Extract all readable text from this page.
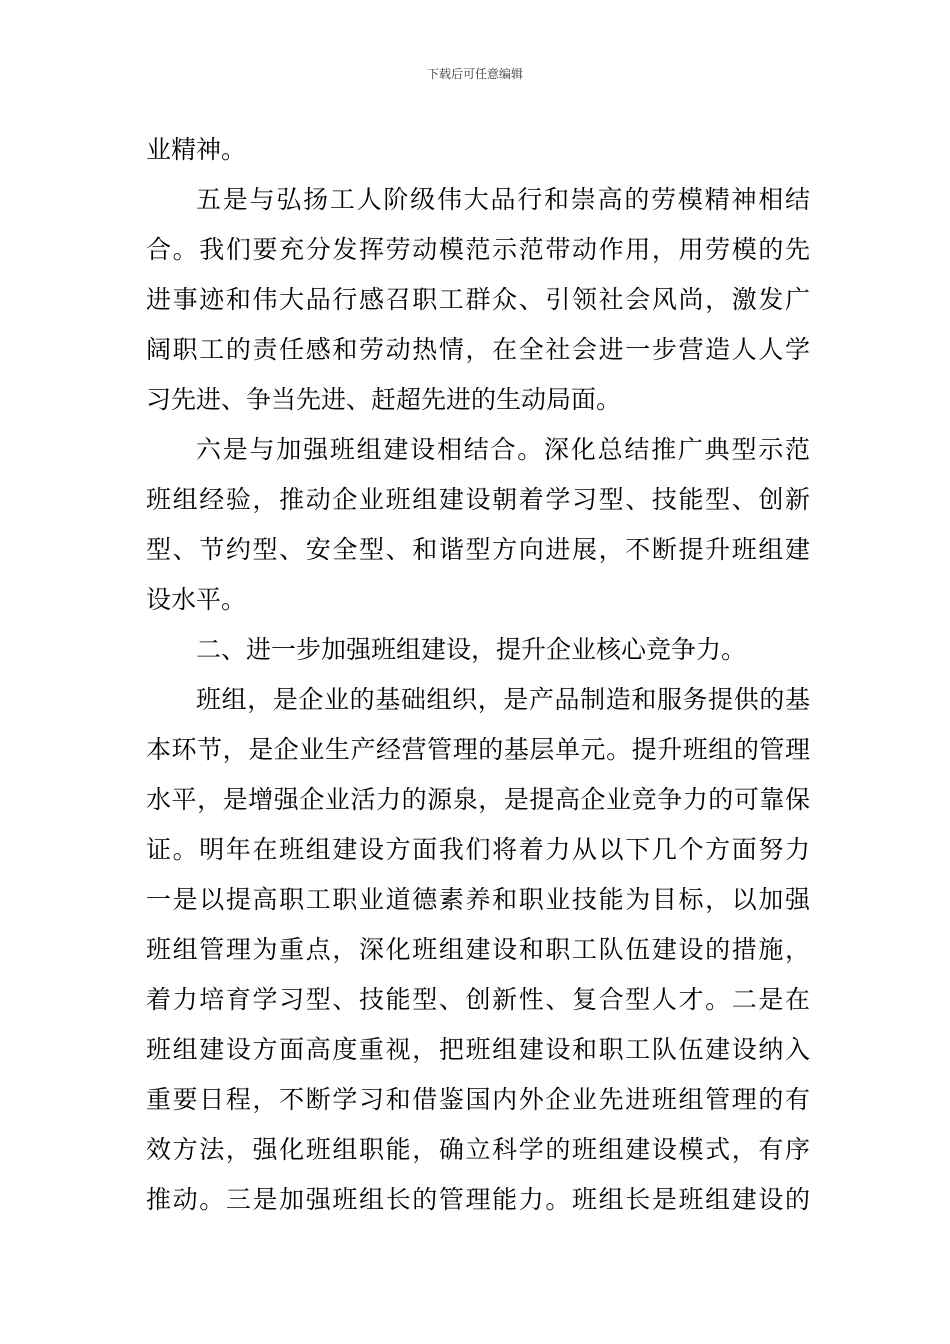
下载后可任意编辑
业精神。
五是与弘扬工人阶级伟大品行和崇高的劳模精神相结
合。我们要充分发挥劳动模范示范带动作用，用劳模的先
进事迹和伟大品行感召职工群众、引领社会风尚，激发广
阔职工的责任感和劳动热情，在全社会进一步营造人人学
习先进、争当先进、赶超先进的生动局面。
六是与加强班组建设相结合。深化总结推广典型示范
班组经验，推动企业班组建设朝着学习型、技能型、创新
型、节约型、安全型、和谐型方向进展，不断提升班组建
设水平。
二、进一步加强班组建设，提升企业核心竞争力。
班组，是企业的基础组织，是产品制造和服务提供的基
本环节，是企业生产经营管理的基层单元。提升班组的管理
水平，是增强企业活力的源泉，是提高企业竞争力的可靠保
证。明年在班组建设方面我们将着力从以下几个方面努力
一是以提高职工职业道德素养和职业技能为目标，以加强
班组管理为重点，深化班组建设和职工队伍建设的措施，
着力培育学习型、技能型、创新性、复合型人才。二是在
班组建设方面高度重视，把班组建设和职工队伍建设纳入
重要日程，不断学习和借鉴国内外企业先进班组管理的有
效方法，强化班组职能，确立科学的班组建设模式，有序
推动。三是加强班组长的管理能力。班组长是班组建设的
